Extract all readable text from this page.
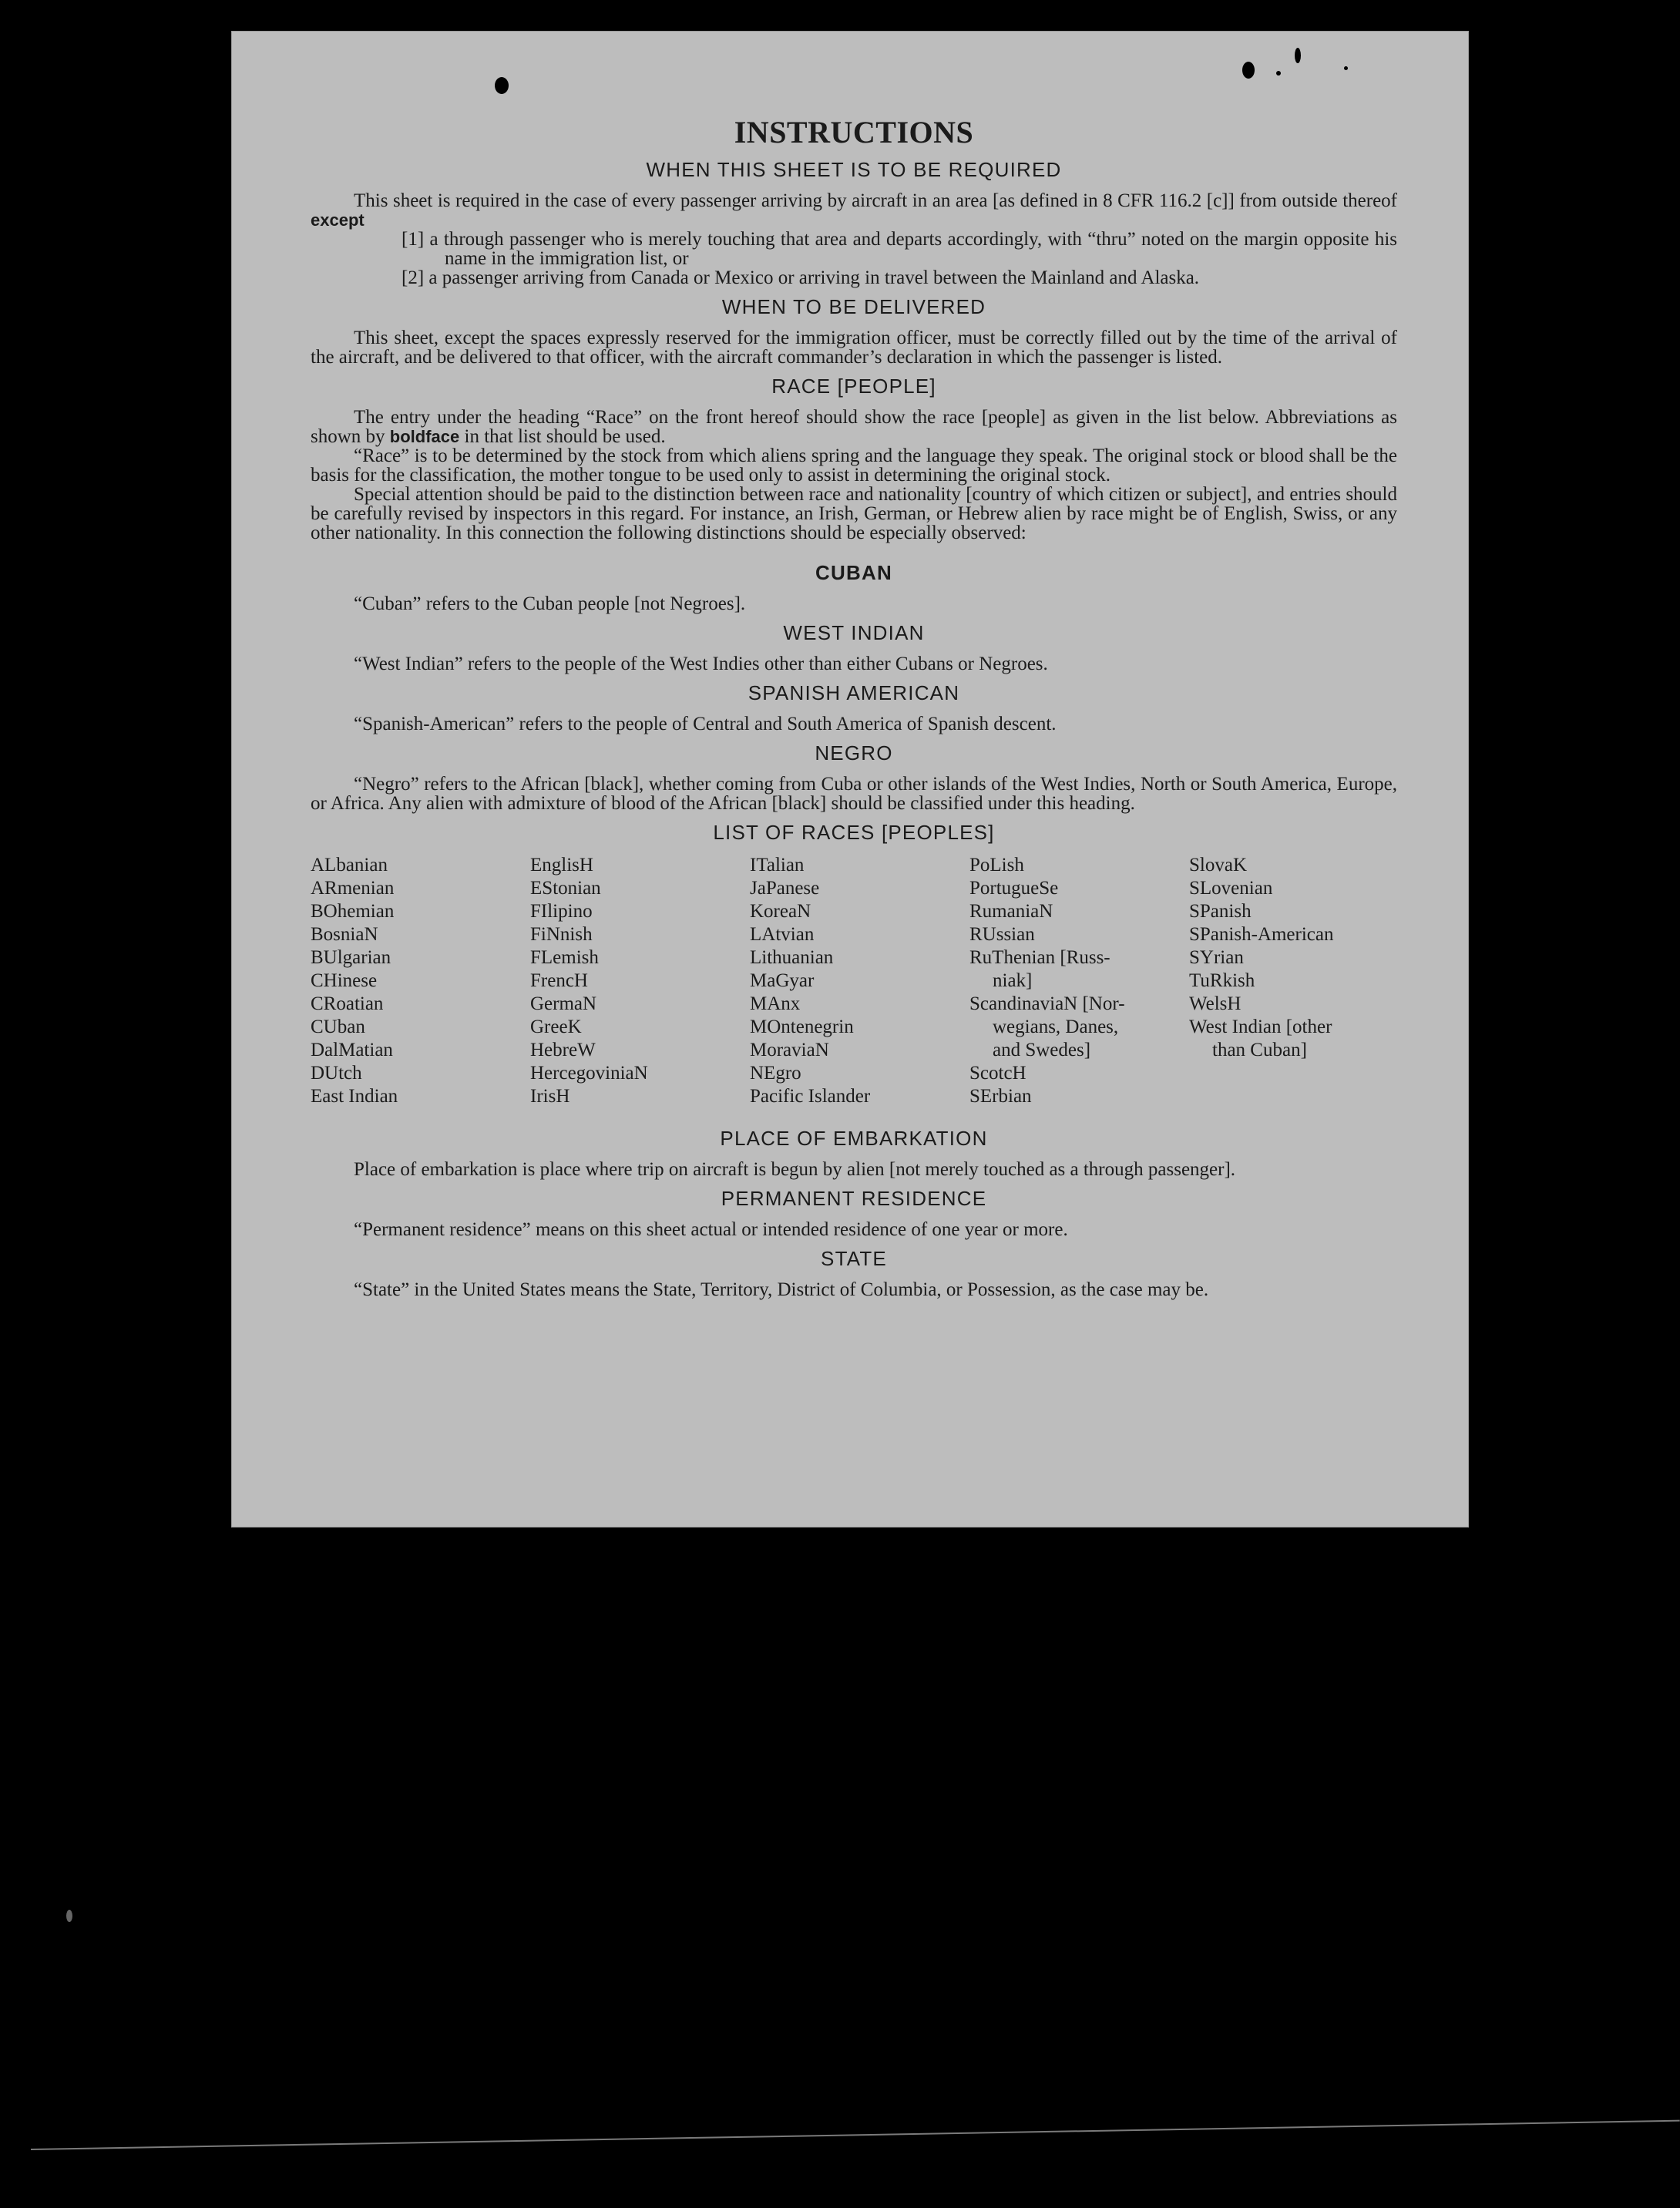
INSTRUCTIONS
WHEN THIS SHEET IS TO BE REQUIRED

This sheet is required in the case of every passenger arriving by aircraft in an area [as defined in 8 CFR 116.2 [c]] from outside thereof except

[1] a through passenger who is merely touching that area and departs accordingly, with “thru” noted on the margin opposite his name in the immigration list, or

[2] a passenger arriving from Canada or Mexico or arriving in travel between the Mainland and Alaska.

WHEN TO BE DELIVERED

This sheet, except the spaces expressly reserved for the immigration officer, must be correctly filled out by the time of the arrival of the aircraft, and be delivered to that officer, with the aircraft commander’s declaration in which the passenger is listed.

RACE [PEOPLE]

The entry under the heading “Race” on the front hereof should show the race [people] as given in the list below. Abbreviations as shown by boldface in that list should be used.

“Race” is to be determined by the stock from which aliens spring and the language they speak. The original stock or blood shall be the basis for the classification, the mother tongue to be used only to assist in determining the original stock.

Special attention should be paid to the distinction between race and nationality [country of which citizen or subject], and entries should be carefully revised by inspectors in this regard. For instance, an Irish, German, or Hebrew alien by race might be of English, Swiss, or any other nationality. In this connection the following distinctions should be especially observed:

CUBAN

“Cuban” refers to the Cuban people [not Negroes].

WEST INDIAN

“West Indian” refers to the people of the West Indies other than either Cubans or Negroes.

SPANISH AMERICAN

“Spanish-American” refers to the people of Central and South America of Spanish descent.

NEGRO

“Negro” refers to the African [black], whether coming from Cuba or other islands of the West Indies, North or South America, Europe, or Africa. Any alien with admixture of blood of the African [black] should be classified under this heading.

LIST OF RACES [PEOPLES]
ALbanian
ARmenian
BOhemian
BosniaN
BUlgarian
CHinese
CRoatian
CUban
DalMatian
DUtch
East Indian
EnglisH
EStonian
FIlipino
FiNnish
FLemish
FrencH
GermaN
GreeK
HebreW
HercegoviniaN
IrisH
ITalian
JaPanese
KoreaN
LAtvian
Lithuanian
MaGyar
MAnx
MOntenegrin
MoraviaN
NEgro
Pacific Islander
PoLish
PortugueSe
RumaniaN
RUssian
RuThenian [Russ-
niak]
ScandinaviaN [Nor-
wegians, Danes,
and Swedes]
ScotcH
SErbian
SlovaK
SLovenian
SPanish
SPanish-American
SYrian
TuRkish
WelsH
West Indian [other
than Cuban]
PLACE OF EMBARKATION

Place of embarkation is place where trip on aircraft is begun by alien [not merely touched as a through passenger].

PERMANENT RESIDENCE

“Permanent residence” means on this sheet actual or intended residence of one year or more.

STATE

“State” in the United States means the State, Territory, District of Columbia, or Possession, as the case may be.
